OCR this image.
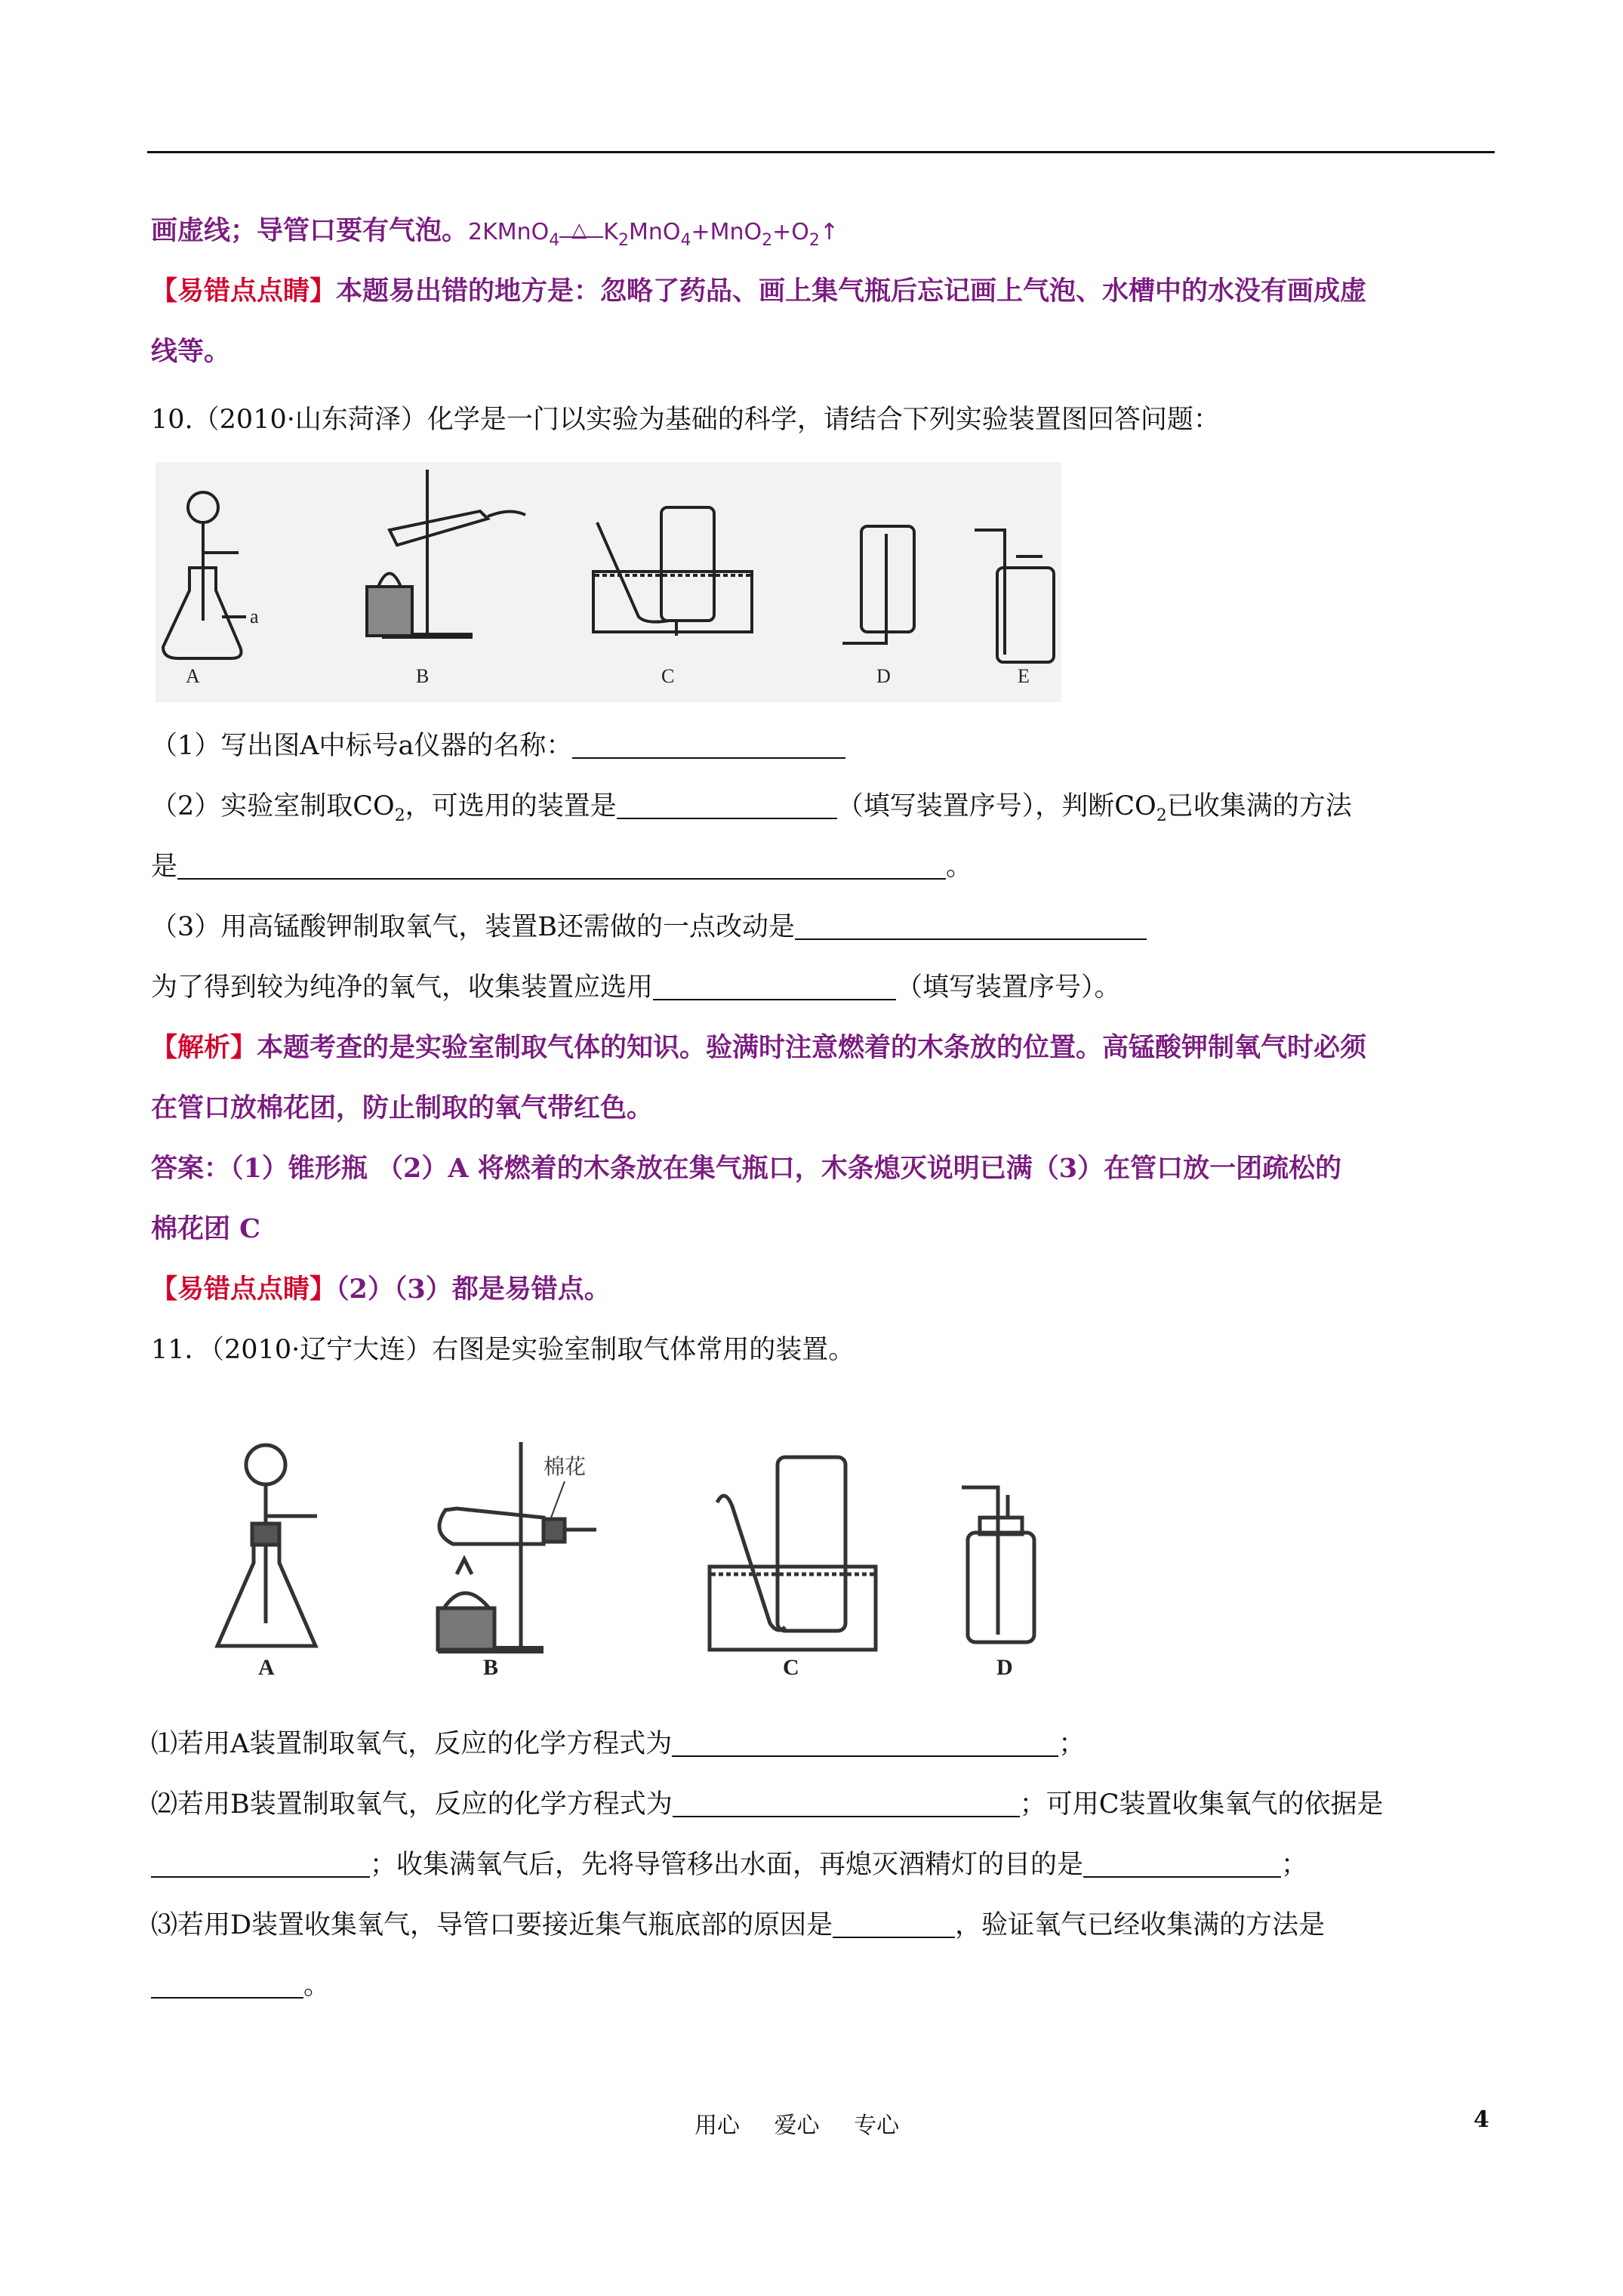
画虚线；导管口要有气泡。2KMnO$_4$ △ $K_2MnO_4+MnO_2+O_2↑$
【易错点点睛】本题易出错的地方是：忽略了药品、画上集气瓶后忘记画上气泡、水槽中的水没有画成虚
线等。
10.（2010·山东菏泽）化学是一门以实验为基础的科学，请结合下列实验装置图回答问题：
a
A	B	C	D	E
（1）写出图A中标号a仪器的名称：
（2）实验室制取$CO_2$，可选用的装置是	（填写装置序号），判断$CO_2$已收集满的方法
是	。
（3）用高锰酸钾制取氧气，装置B还需做的一点改动是
为了得到较为纯净的氧气，收集装置应选用	（填写装置序号）。
【解析】本题考查的是实验室制取气体的知识。验满时注意燃着的木条放的位置。高锰酸钾制氧气时必须
在管口放棉花团，防止制取的氧气带红色。
答案：（1）锥形瓶 （2）A 将燃着的木条放在集气瓶口，木条熄灭说明已满（3）在管口放一团疏松的
棉花团 C
【易错点点睛】（2）（3）都是易错点。
11．（2010·辽宁大连）右图是实验室制取气体常用的装置。
棉花
A	B	C	D
⑴若用A装置制取氧气，反应的化学方程式为	；
⑵若用B装置制取氧气，反应的化学方程式为	；可用C装置收集氧气的依据是
；收集满氧气后，先将导管移出水面，再熄灭酒精灯的目的是	；
⑶若用D装置收集氧气，导管口要接近集气瓶底部的原因是	，验证氧气已经收集满的方法是
。
用心 爱心 专心	4
